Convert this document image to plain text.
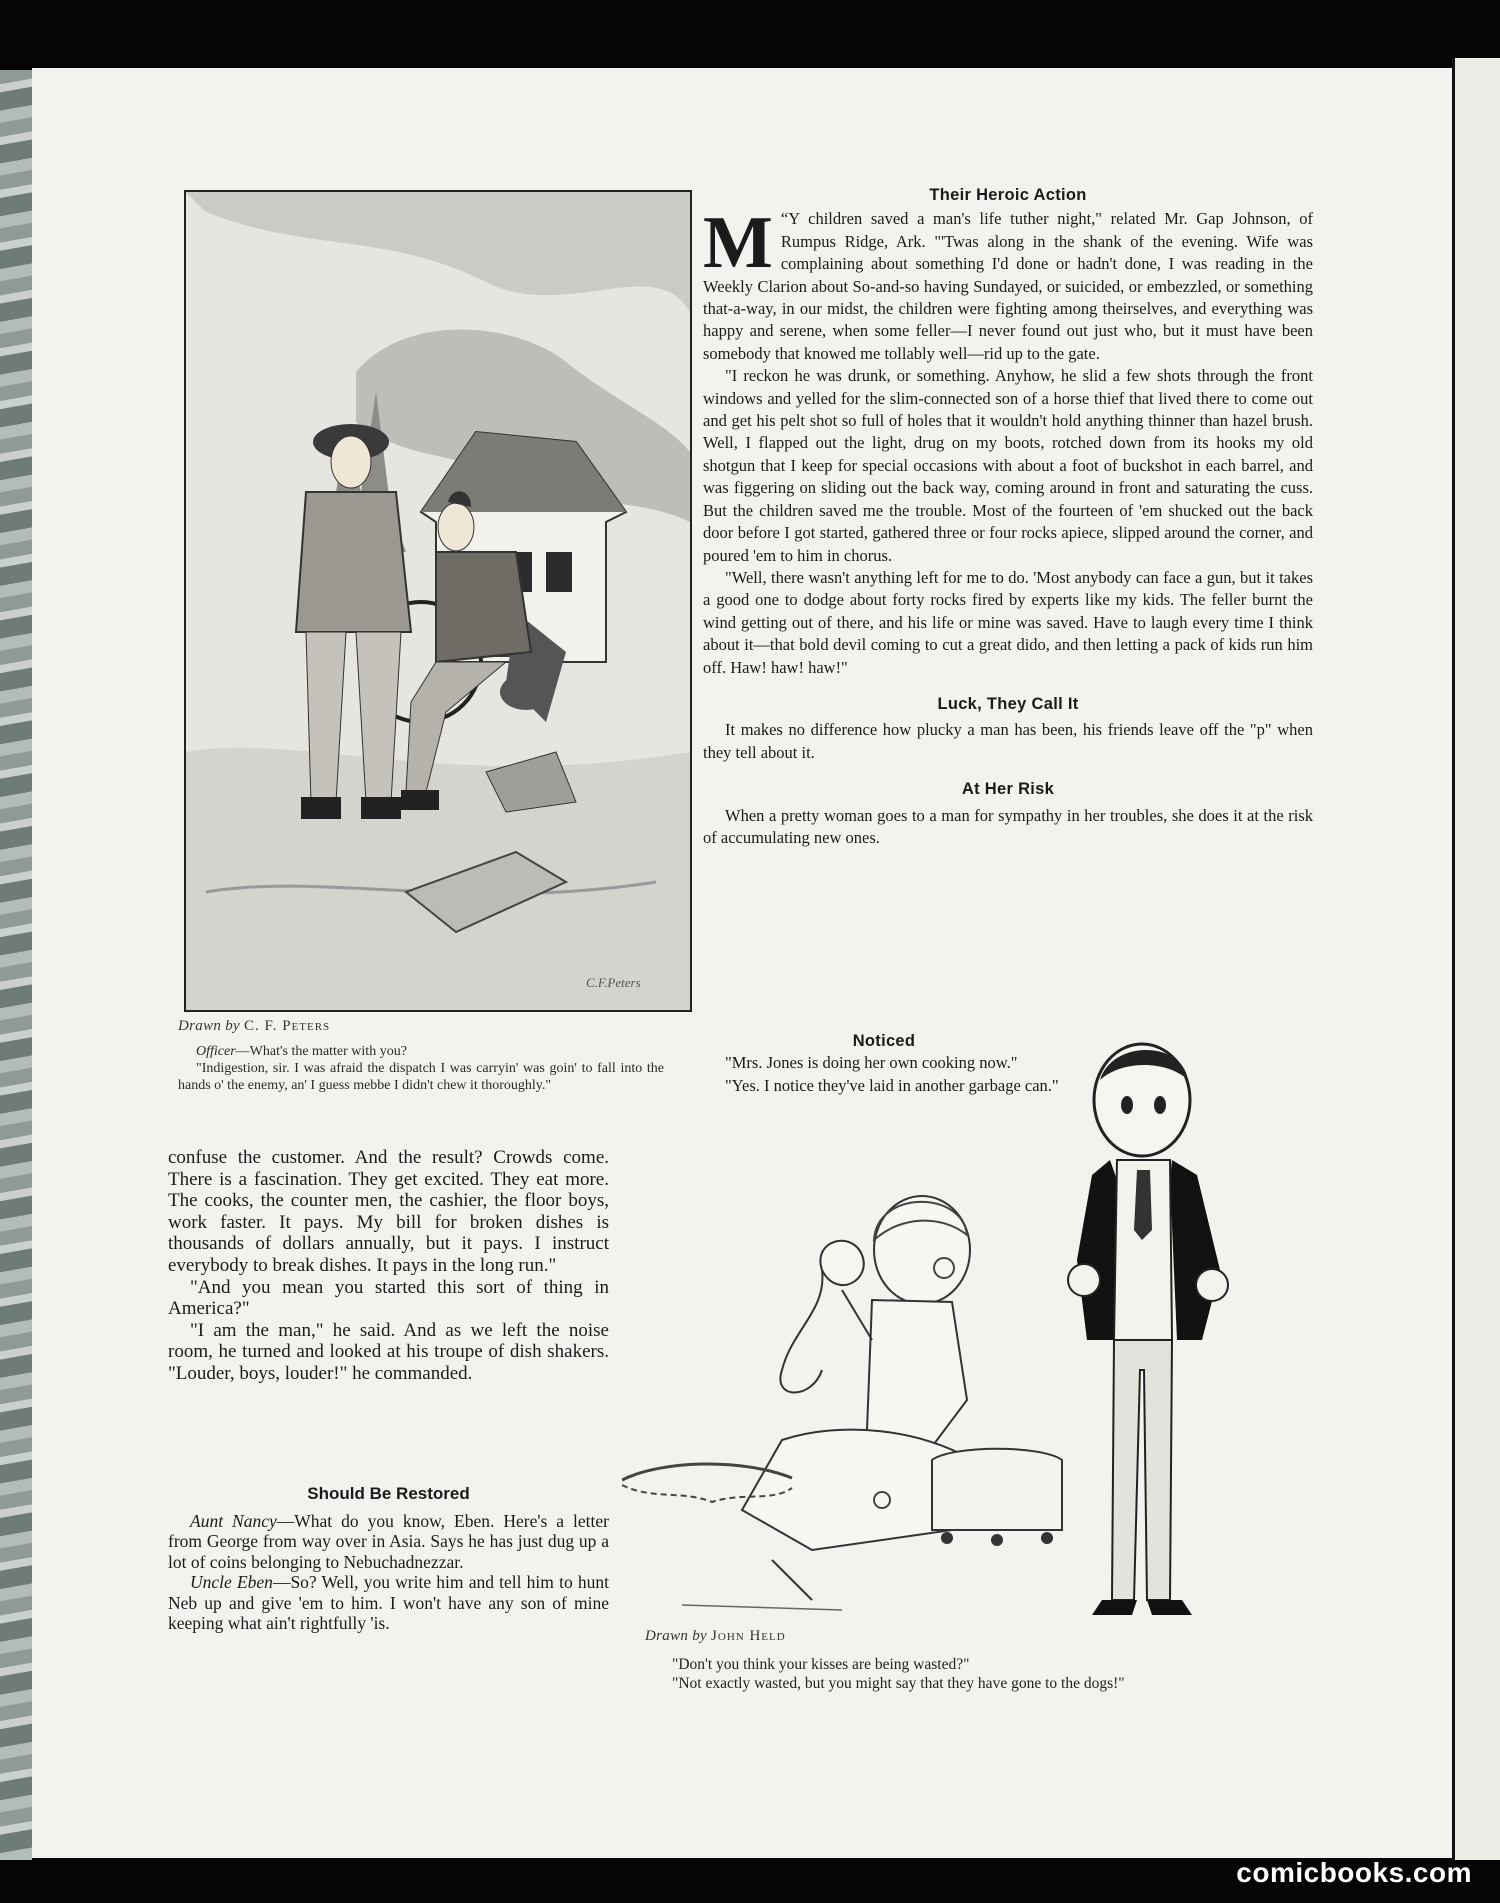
C.F.Peters
Drawn by C. F. Peters

Officer—What's the matter with you?

"Indigestion, sir. I was afraid the dispatch I was carryin' was goin' to fall into the hands o' the enemy, an' I guess mebbe I didn't chew it thoroughly."

confuse the customer. And the result? Crowds come. There is a fascination. They get excited. They eat more. The cooks, the counter men, the cashier, the floor boys, work faster. It pays. My bill for broken dishes is thousands of dollars annually, but it pays. I instruct everybody to break dishes. It pays in the long run."

"And you mean you started this sort of thing in America?"

"I am the man," he said. And as we left the noise room, he turned and looked at his troupe of dish shakers. "Louder, boys, louder!" he commanded.

Should Be Restored

Aunt Nancy—What do you know, Eben. Here's a letter from George from way over in Asia. Says he has just dug up a lot of coins belonging to Nebuchadnezzar.

Uncle Eben—So? Well, you write him and tell him to hunt Neb up and give 'em to him. I won't have any son of mine keeping what ain't rightfully 'is.

Their Heroic Action

“
M Y children saved a man's life tuther night," related Mr. Gap Johnson, of Rumpus Ridge, Ark. "'Twas along in the shank of the evening. Wife was complaining about something I'd done or hadn't done, I was reading in the Weekly Clarion about So-and-so having Sundayed, or suicided, or embezzled, or something that-a-way, in our midst, the children were fighting among theirselves, and everything was happy and serene, when some feller—I never found out just who, but it must have been somebody that knowed me tollably well—rid up to the gate.

"I reckon he was drunk, or something. Anyhow, he slid a few shots through the front windows and yelled for the slim-connected son of a horse thief that lived there to come out and get his pelt shot so full of holes that it wouldn't hold anything thinner than hazel brush. Well, I flapped out the light, drug on my boots, rotched down from its hooks my old shotgun that I keep for special occasions with about a foot of buckshot in each barrel, and was figgering on sliding out the back way, coming around in front and saturating the cuss. But the children saved me the trouble. Most of the fourteen of 'em shucked out the back door before I got started, gathered three or four rocks apiece, slipped around the corner, and poured 'em to him in chorus.

"Well, there wasn't anything left for me to do. 'Most anybody can face a gun, but it takes a good one to dodge about forty rocks fired by experts like my kids. The feller burnt the wind getting out of there, and his life or mine was saved. Have to laugh every time I think about it—that bold devil coming to cut a great dido, and then letting a pack of kids run him off. Haw! haw! haw!"

Luck, They Call It

It makes no difference how plucky a man has been, his friends leave off the "p" when they tell about it.

At Her Risk

When a pretty woman goes to a man for sympathy in her troubles, she does it at the risk of accumulating new ones.

Noticed

"Mrs. Jones is doing her own cooking now."

"Yes. I notice they've laid in another garbage can."

Drawn by John Held

"Don't you think your kisses are being wasted?"

"Not exactly wasted, but you might say that they have gone to the dogs!"

comicbooks.com
